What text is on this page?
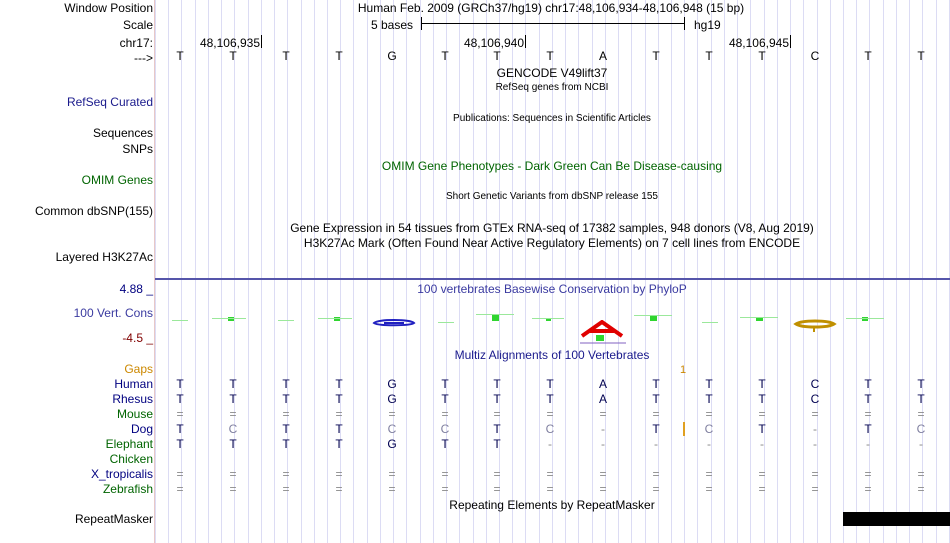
Window Position	Human Feb. 2009 (GRCh37/hg19) chr17:48,106,934-48,106,948 (15 bp)
Scale	5 bases	hg19
chr17:	48,106,935	48,106,940	48,106,945
--->	T	T	T	T	G	T	T	T	A	T	T	T	C	T	T
GENCODE V49lift37
RefSeq genes from NCBI
RefSeq Curated
Publications: Sequences in Scientific Articles
Sequences
SNPs
OMIM Gene Phenotypes - Dark Green Can Be Disease-causing
OMIM Genes
Short Genetic Variants from dbSNP release 155
Common dbSNP(155)
Gene Expression in 54 tissues from GTEx RNA-seq of 17382 samples, 948 donors (V8, Aug 2019)
H3K27Ac Mark (Often Found Near Active Regulatory Elements) on 7 cell lines from ENCODE
Layered H3K27Ac
100 vertebrates Basewise Conservation by PhyloP
4.88 _
100 Vert. Cons
-4.5 _
Multiz Alignments of 100 Vertebrates
Gaps	1
Human	T	T	T	T	G	T	T	T	A	T	T	T	C	T	T
Rhesus	T	T	T	T	G	T	T	T	A	T	T	T	C	T	T
Mouse	=	=	=	=	=	=	=	=	=	=	=	=	=	=	=
Dog	T	C	T	T	C	C	T	C	-	T	C	T	-	T	C
Elephant	T	T	T	T	G	T	T	-	-	-	-	-	-	-	-
Chicken
X_tropicalis	=	=	=	=	=	=	=	=	=	=	=	=	=	=	=
Zebrafish	=	=	=	=	=	=	=	=	=	=	=	=	=	=	=
Repeating Elements by RepeatMasker
RepeatMasker
